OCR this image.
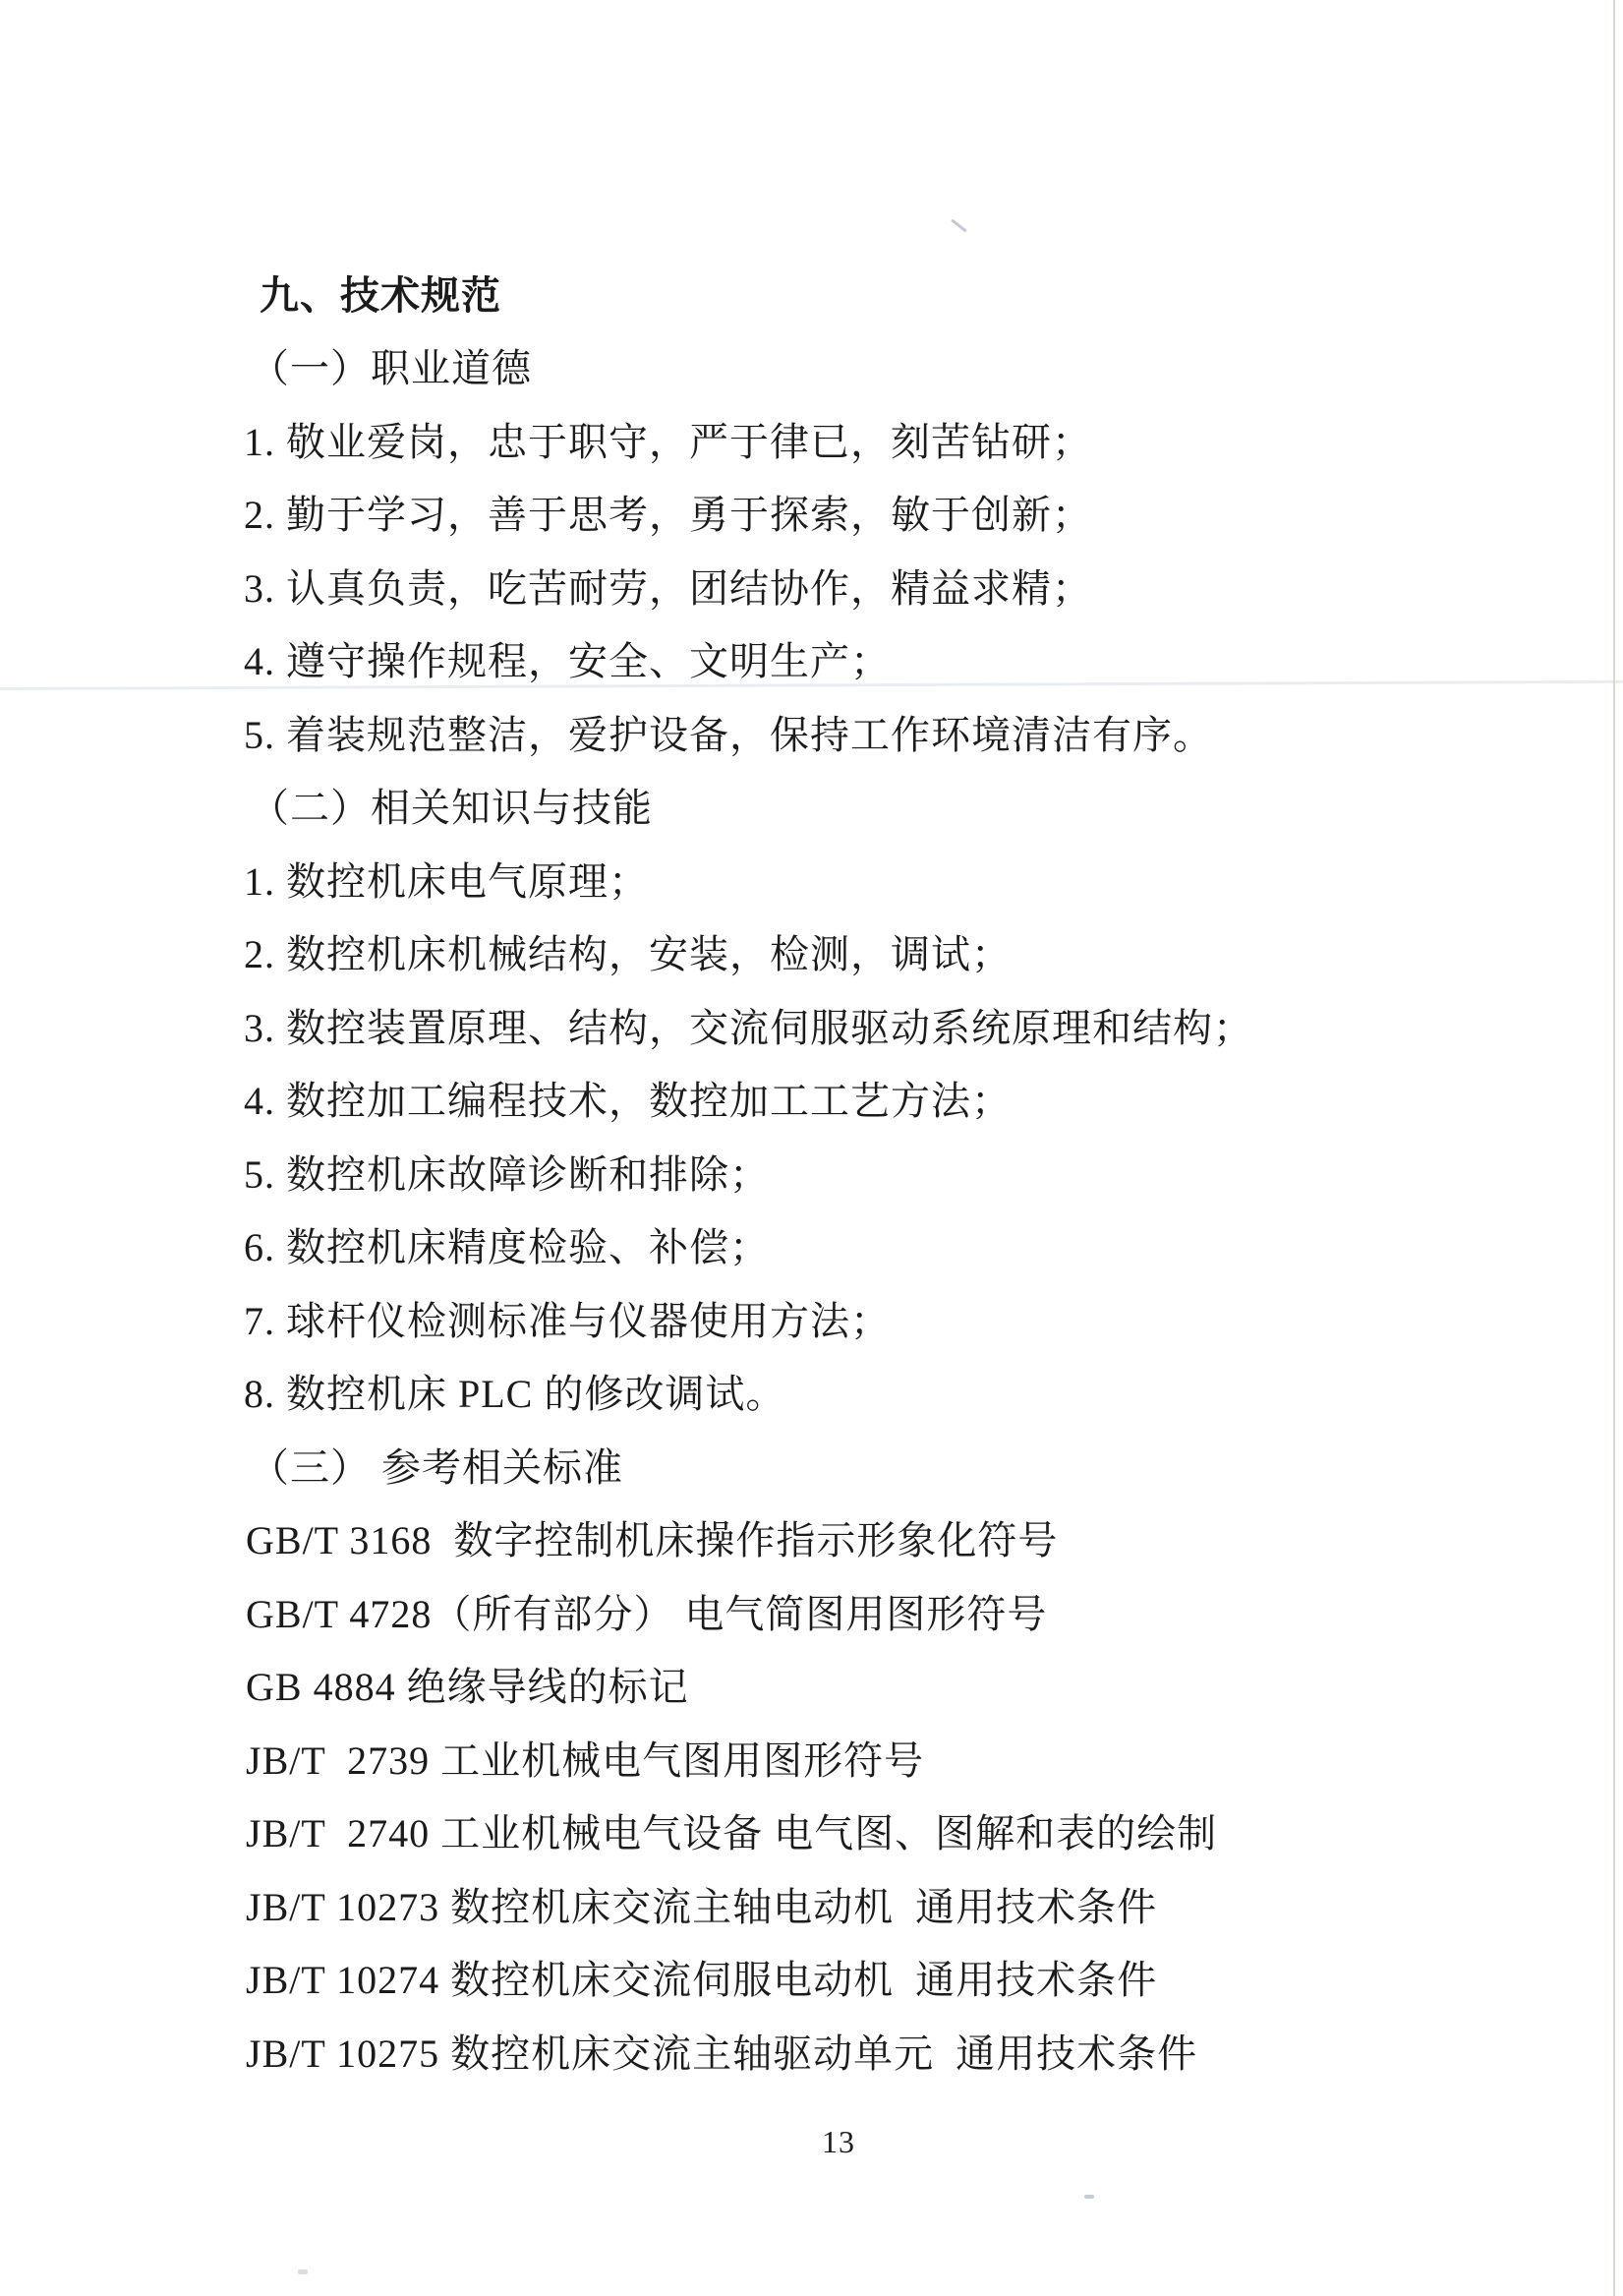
九、技术规范
（一）职业道德
1. 敬业爱岗，忠于职守，严于律已，刻苦钻研；
2. 勤于学习，善于思考，勇于探索，敏于创新；
3. 认真负责，吃苦耐劳，团结协作，精益求精；
4. 遵守操作规程，安全、文明生产；
5. 着装规范整洁，爱护设备，保持工作环境清洁有序。
（二）相关知识与技能
1. 数控机床电气原理；
2. 数控机床机械结构，安装，检测，调试；
3. 数控装置原理、结构，交流伺服驱动系统原理和结构；
4. 数控加工编程技术，数控加工工艺方法；
5. 数控机床故障诊断和排除；
6. 数控机床精度检验、补偿；
7. 球杆仪检测标准与仪器使用方法；
8. 数控机床 PLC 的修改调试。
（三） 参考相关标准
GB/T 3168  数字控制机床操作指示形象化符号
GB/T 4728（所有部分） 电气简图用图形符号
GB 4884 绝缘导线的标记
JB/T  2739 工业机械电气图用图形符号
JB/T  2740 工业机械电气设备 电气图、图解和表的绘制
JB/T 10273 数控机床交流主轴电动机  通用技术条件
JB/T 10274 数控机床交流伺服电动机  通用技术条件
JB/T 10275 数控机床交流主轴驱动单元  通用技术条件
13
